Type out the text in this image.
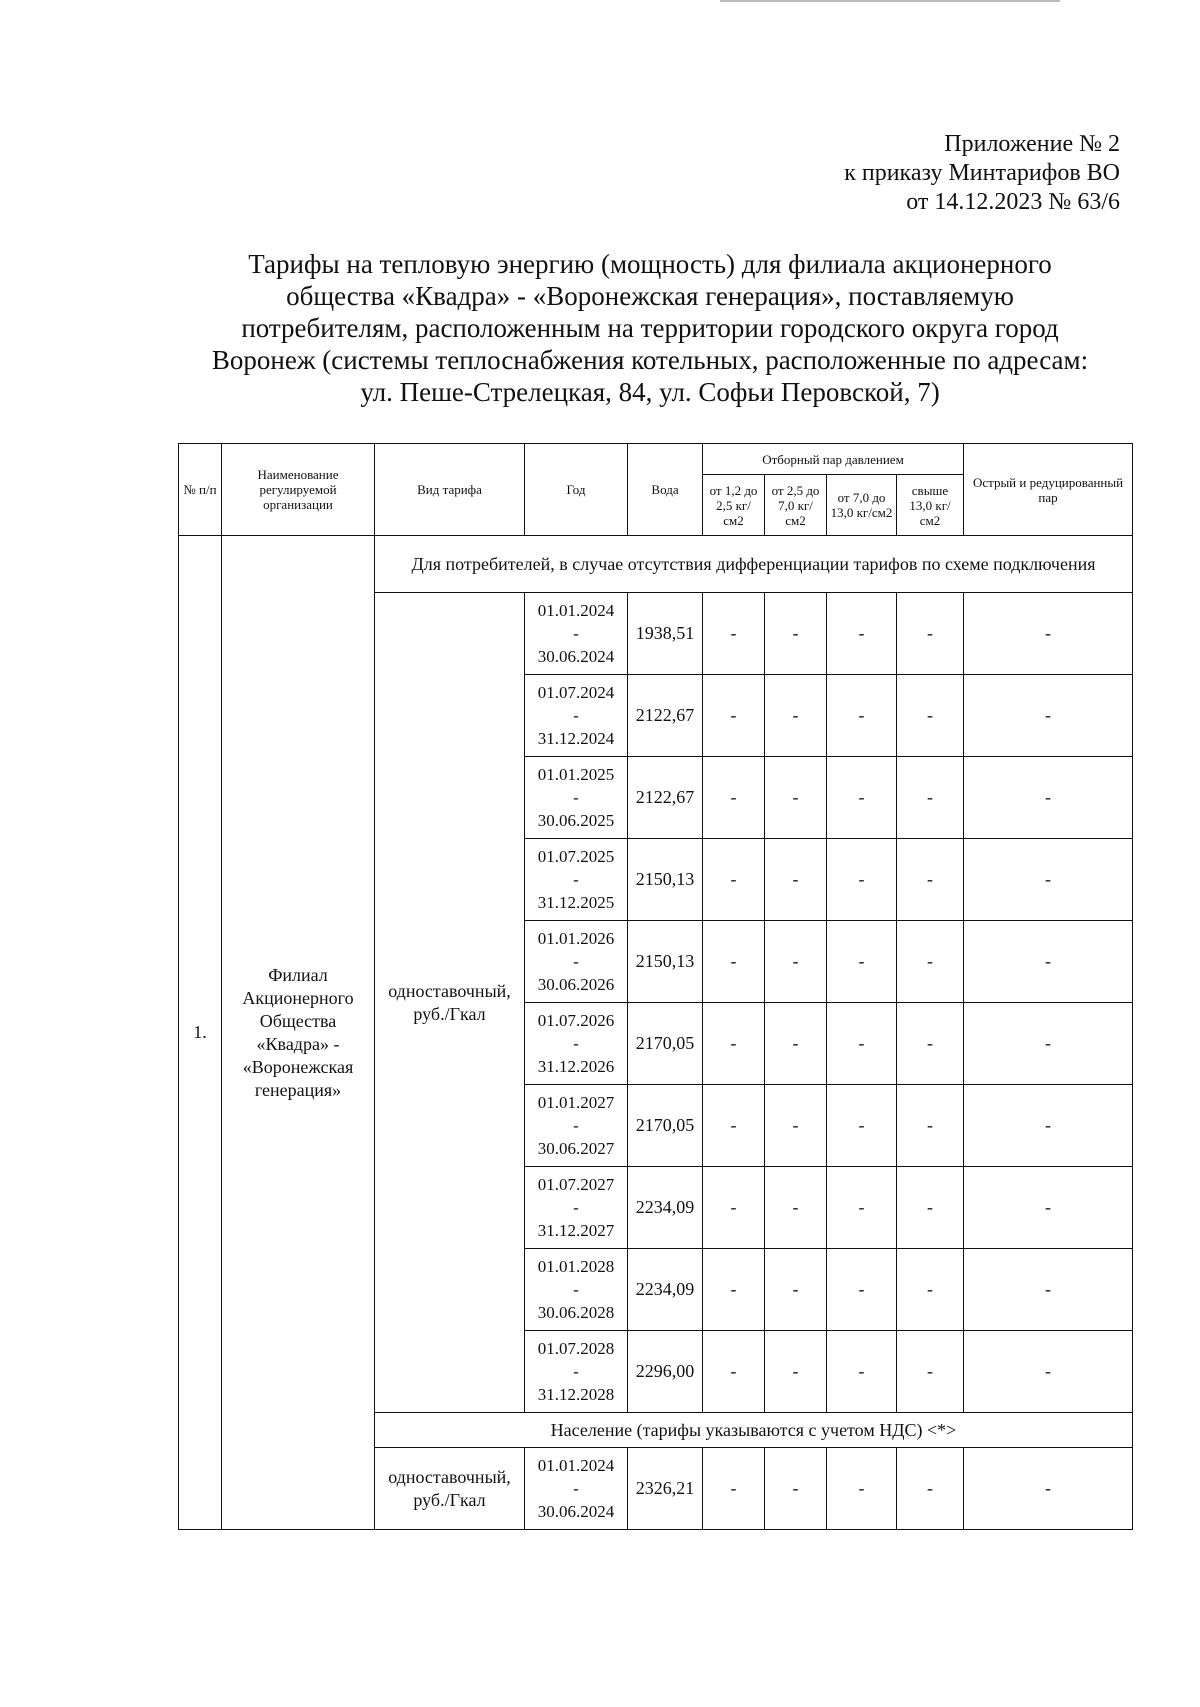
Приложение № 2
к приказу Минтарифов ВО
от 14.12.2023 № 63/6
Тарифы на тепловую энергию (мощность) для филиала акционерного
общества «Квадра» - «Воронежская генерация», поставляемую
потребителям, расположенным на территории городского округа город
Воронеж (системы теплоснабжения котельных, расположенные по адресам:
ул. Пеше-Стрелецкая, 84, ул. Софьи Перовской, 7)
№ п/п	Наименование регулируемой организации	Вид тарифа	Год	Вода	Отборный пар давлением				Острый и редуцированный пар
					от 1,2 до 2,5 кг/см2	от 2,5 до 7,0 кг/см2	от 7,0 до 13,0 кг/см2	свыше 13,0 кг/см2	
1.	Филиал Акционерного Общества «Квадра» - «Воронежская генерация»	Для потребителей, в случае отсутствия дифференциации тарифов по схеме подключения							
		одноставочный, руб./Гкал	01.01.2024
-
30.06.2024	1938,51	-	-	-	-	-

			01.07.2024
-
31.12.2024	2122,67	-	-	-	-	-

			01.01.2025
-
30.06.2025	2122,67	-	-	-	-	-

			01.07.2025
-
31.12.2025	2150,13	-	-	-	-	-

			01.01.2026
-
30.06.2026	2150,13	-	-	-	-	-

			01.07.2026
-
31.12.2026	2170,05	-	-	-	-	-

			01.01.2027
-
30.06.2027	2170,05	-	-	-	-	-

			01.07.2027
-
31.12.2027	2234,09	-	-	-	-	-

			01.01.2028
-
30.06.2028	2234,09	-	-	-	-	-

			01.07.2028
-
31.12.2028	2296,00	-	-	-	-	-
		Население (тарифы указываются с учетом НДС) <*>							
		одноставочный, руб./Гкал	01.01.2024
-
30.06.2024	2326,21	-	-	-	-	-
